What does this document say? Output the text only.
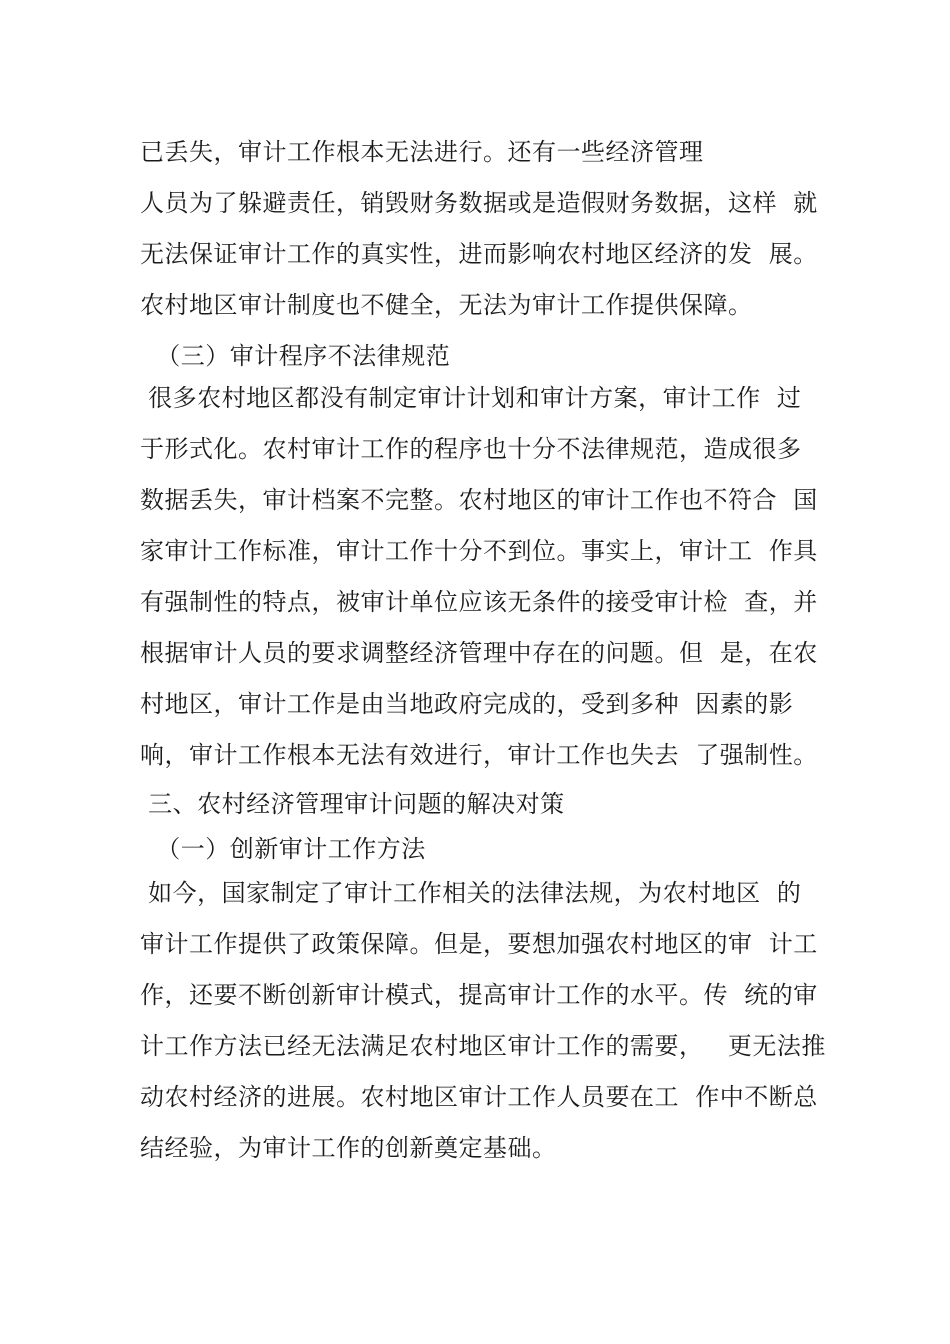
已丢失，审计工作根本无法进行。还有一些经济管理
人员为了躲避责任，销毁财务数据或是造假财务数据，这样  就
无法保证审计工作的真实性，进而影响农村地区经济的发  展。
农村地区审计制度也不健全，无法为审计工作提供保障。
（三）审计程序不法律规范
很多农村地区都没有制定审计计划和审计方案，审计工作  过
于形式化。农村审计工作的程序也十分不法律规范，造成很多
数据丢失，审计档案不完整。农村地区的审计工作也不符合  国
家审计工作标准，审计工作十分不到位。事实上，审计工  作具
有强制性的特点，被审计单位应该无条件的接受审计检  查，并
根据审计人员的要求调整经济管理中存在的问题。但  是，在农
村地区，审计工作是由当地政府完成的，受到多种  因素的影
响，审计工作根本无法有效进行，审计工作也失去  了强制性。
三、农村经济管理审计问题的解决对策
（一）创新审计工作方法
如今，国家制定了审计工作相关的法律法规，为农村地区  的
审计工作提供了政策保障。但是，要想加强农村地区的审  计工
作，还要不断创新审计模式，提高审计工作的水平。传  统的审
计工作方法已经无法满足农村地区审计工作的需要，   更无法推
动农村经济的进展。农村地区审计工作人员要在工  作中不断总
结经验，为审计工作的创新奠定基础。
